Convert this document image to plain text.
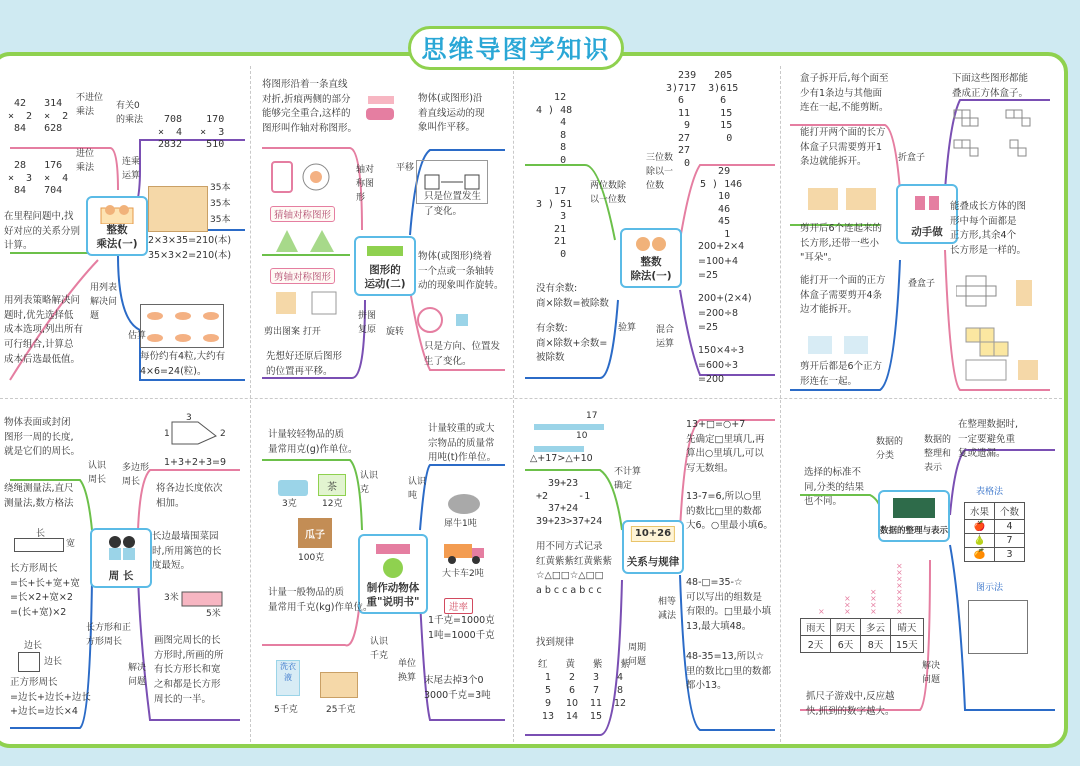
思维导图学知识
42   314
×  2  ×  2
84   628
不进位
乘法
有关0
的乘法	708    170
×  4   ×  3
2832    510
28   176
×  3  ×  4
84   704
进位
乘法
连乘
运算
35本
35本
35本
2×3×35=210(本)
35×3×2=210(本)
在里程问题中,找
好对应的关系分别
计算。
整数
乘法(一)
用列表策略解决问
题时,优先选择低
成本选项,列出所有
可行组合,计算总
成本后选最低值。
用列表
解决问
题
估算
每份约有4粒,大约有
4×6=24(粒)。
将图形沿着一条直线
对折,折痕两侧的部分
能够完全重合,这样的
图形叫作轴对称图形。
物体(或图形)沿
着直线运动的现
象叫作平移。
轴对
称图
形
猜轴对称图形
平移
只是位置发生
了变化。
图形的
运动(二)
剪轴对称图形
剪出图案 打开
物体(或图形)绕着
一个点或一条轴转
动的现象叫作旋转。
旋转
只是方向、位置发
生了变化。
拼图
复原
先想好还原后图形
的位置再平移。
12
4 ) 48
4
8
8
0
239   205
3)717  3)615
6      6
11     15
9     15
27      0
27
0
两位数除
以一位数
三位数
除以一
位数
17
3 ) 51
3
21
21
0
29
5 ) 146
10
46
45
1
整数
除法(一)
没有余数:
商×除数=被除数
有余数:
商×除数+余数=
被除数
验算 混合
运算
200+2×4
=100+4
=25
200+(2×4)
=200÷8
=25
150×4÷3
=600÷3
=200
盒子拆开后,每个面至
少有1条边与其他面
连在一起,不能剪断。
下面这些图形都能
叠成正方体盒子。
能打开两个面的长方
体盒子只需要剪开1
条边就能拆开。	折盒子
动手做
剪开后6个连起来的
长方形,还带一些小
"耳朵"。
能打开一个面的正方
体盒子需要剪开4条
边才能拆开。
叠盒子
能叠成长方体的图
形中每个面都是
正方形,其余4个
长方形是一样的。
剪开后都是6个正方
形连在一起。
物体表面或封闭
图形一周的长度,
就是它们的周长。
1
3
2
1+3+2+3=9
认识
周长
多边形
周长
将各边长度依次
相加。
绕绳测量法,直尺
测量法,数方格法
长
宽
周 长
长边最墙围菜园
时,所用篱笆的长
度最短。
3米
5米
长方形周长
=长+长+宽+宽
=长×2+宽×2
=(长+宽)×2
长方形和正
方形周长
边长
边长
正方形周长
=边长+边长+边长
+边长=边长×4
解决
问题
画图完周长的长
方形时,所画的所
有长方形长和宽
之和都是长方形
周长的一半。
计量较轻物品的质
量常用克(g)作单位。
计量较重的或大
宗物品的质量常
用吨(t)作单位。
认识
克
认识
吨
3克
茶
12克
瓜子
100克
犀牛1吨
大卡车2吨
制作动物体
重"说明书"
计量一般物品的质
量常用千克(kg)作单位。	进率
1千克=1000克
1吨=1000千克
认识
千克
单位
换算 末尾去掉3个0
3000千克=3吨
洗衣液
5千克	25千克
17
10
△+17>△+10
不计算
确定
39+23
+2     -1
37+24
39+23>37+24
10+26
关系与规律
用不同方式记录
红黄紫紫红黄紫紫
☆△□□☆△□□
a b c c a b c c
找到规律
红 黄 紫 紫
1	2	3	4
5	6	7	8
9	10	11	12
13	14	15
周期
问题
13+□=○+7
先确定□里填几,再
算出○里填几,可以
写无数组。
13-7=6,所以○里
的数比□里的数都
大6。○里最小填6。
相等
减法
48-□=35-☆
可以写出的组数是
有限的。□里最小填
13,最大填48。
48-35=13,所以☆
里的数比□里的数都
都小13。
在整理数据时,
一定要避免重
复或遗漏。
数据的
分类
数据的
整理和
表示
选择的标准不
同,分类的结果
也不同。
数据的整理与表示
表格法
水果	个数
🍎	4
🍐	7
🍊	3
× ×
×
×
×
×
×
×
×
×
×
×
×
×
×
×
图示法
雨天	阴天	多云	晴天
2天	6天	8天	15天
解决
问题
抓尺子游戏中,反应越
快,抓到的数字越大。
